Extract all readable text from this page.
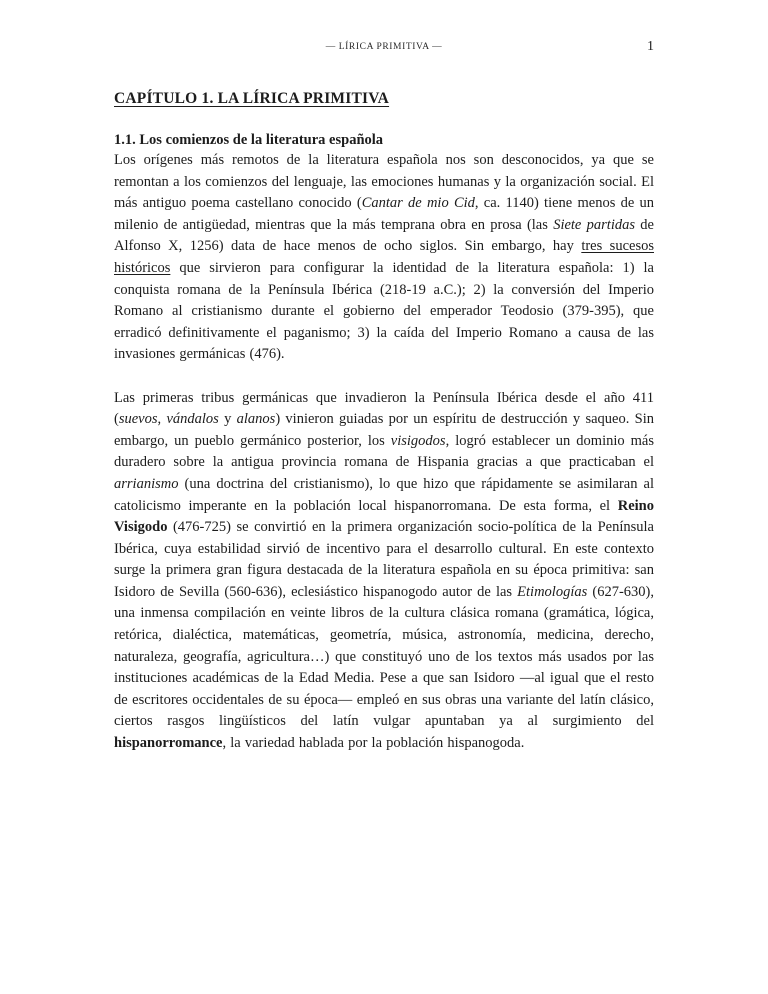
$^{— LÍRICA PRIMITIVA —}$	1
CAPÍTULO 1. LA LÍRICA PRIMITIVA
1.1. Los comienzos de la literatura española

Los orígenes más remotos de la literatura española nos son desconocidos, ya que se remontan a los comienzos del lenguaje, las emociones humanas y la organización social. El más antiguo poema castellano conocido (Cantar de mio Cid, ca. 1140) tiene menos de un milenio de antigüedad, mientras que la más temprana obra en prosa (las Siete partidas de Alfonso X, 1256) data de hace menos de ocho siglos. Sin embargo, hay tres sucesos históricos que sirvieron para configurar la identidad de la literatura española: 1) la conquista romana de la Península Ibérica (218-19 a.C.); 2) la conversión del Imperio Romano al cristianismo durante el gobierno del emperador Teodosio (379-395), que erradicó definitivamente el paganismo; 3) la caída del Imperio Romano a causa de las invasiones germánicas (476).

Las primeras tribus germánicas que invadieron la Península Ibérica desde el año 411 (suevos, vándalos y alanos) vinieron guiadas por un espíritu de destrucción y saqueo. Sin embargo, un pueblo germánico posterior, los visigodos, logró establecer un dominio más duradero sobre la antigua provincia romana de Hispania gracias a que practicaban el arrianismo (una doctrina del cristianismo), lo que hizo que rápidamente se asimilaran al catolicismo imperante en la población local hispanorromana. De esta forma, el Reino Visigodo (476-725) se convirtió en la primera organización socio-política de la Península Ibérica, cuya estabilidad sirvió de incentivo para el desarrollo cultural. En este contexto surge la primera gran figura destacada de la literatura española en su época primitiva: san Isidoro de Sevilla (560-636), eclesiástico hispanogodo autor de las Etimologías (627-630), una inmensa compilación en veinte libros de la cultura clásica romana (gramática, lógica, retórica, dialéctica, matemáticas, geometría, música, astronomía, medicina, derecho, naturaleza, geografía, agricultura…) que constituyó uno de los textos más usados por las instituciones académicas de la Edad Media. Pese a que san Isidoro —al igual que el resto de escritores occidentales de su época— empleó en sus obras una variante del latín clásico, ciertos rasgos lingüísticos del latín vulgar apuntaban ya al surgimiento del hispanorromance, la variedad hablada por la población hispanogoda.
